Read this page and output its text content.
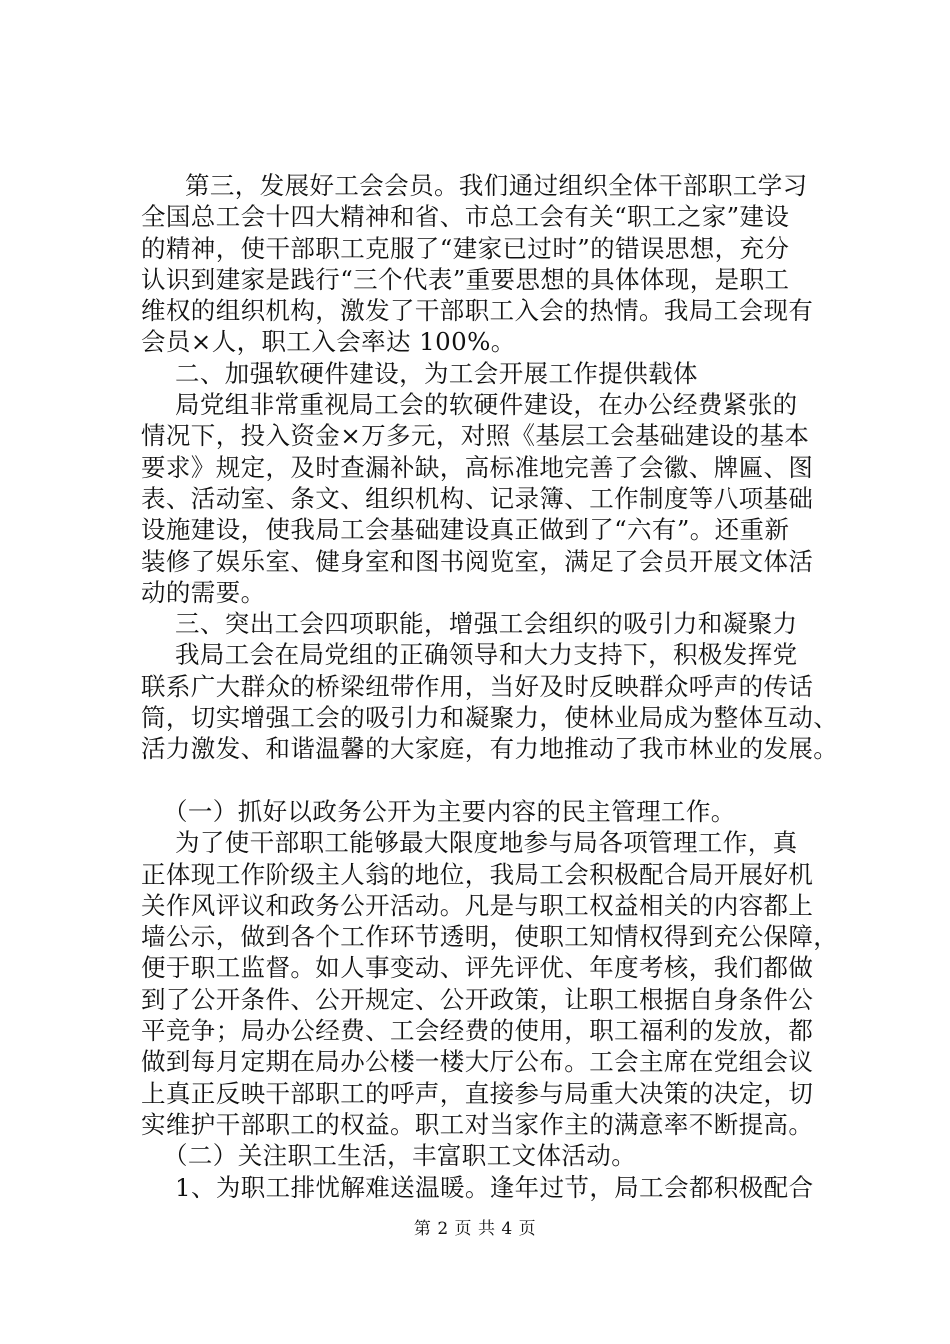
第三，发展好工会会员。我们通过组织全体干部职工学习
全国总工会十四大精神和省、市总工会有关“职工之家”建设
的精神，使干部职工克服了“建家已过时”的错误思想，充分
认识到建家是践行“三个代表”重要思想的具体体现，是职工
维权的组织机构，激发了干部职工入会的热情。我局工会现有
会员×人，职工入会率达 100%。
二、加强软硬件建设，为工会开展工作提供载体
局党组非常重视局工会的软硬件建设，在办公经费紧张的
情况下，投入资金×万多元，对照《基层工会基础建设的基本
要求》规定，及时查漏补缺，高标准地完善了会徽、牌匾、图
表、活动室、条文、组织机构、记录簿、工作制度等八项基础
设施建设，使我局工会基础建设真正做到了“六有”。还重新
装修了娱乐室、健身室和图书阅览室，满足了会员开展文体活
动的需要。
三、突出工会四项职能，增强工会组织的吸引力和凝聚力
我局工会在局党组的正确领导和大力支持下，积极发挥党
联系广大群众的桥梁纽带作用，当好及时反映群众呼声的传话
筒，切实增强工会的吸引力和凝聚力，使林业局成为整体互动、
活力激发、和谐温馨的大家庭，有力地推动了我市林业的发展。
（一）抓好以政务公开为主要内容的民主管理工作。
为了使干部职工能够最大限度地参与局各项管理工作，真
正体现工作阶级主人翁的地位，我局工会积极配合局开展好机
关作风评议和政务公开活动。凡是与职工权益相关的内容都上
墙公示，做到各个工作环节透明，使职工知情权得到充公保障，
便于职工监督。如人事变动、评先评优、年度考核，我们都做
到了公开条件、公开规定、公开政策，让职工根据自身条件公
平竞争；局办公经费、工会经费的使用，职工福利的发放，都
做到每月定期在局办公楼一楼大厅公布。工会主席在党组会议
上真正反映干部职工的呼声，直接参与局重大决策的决定，切
实维护干部职工的权益。职工对当家作主的满意率不断提高。
（二）关注职工生活，丰富职工文体活动。
1、为职工排忧解难送温暖。逢年过节，局工会都积极配合
第 2 页 共 4 页
